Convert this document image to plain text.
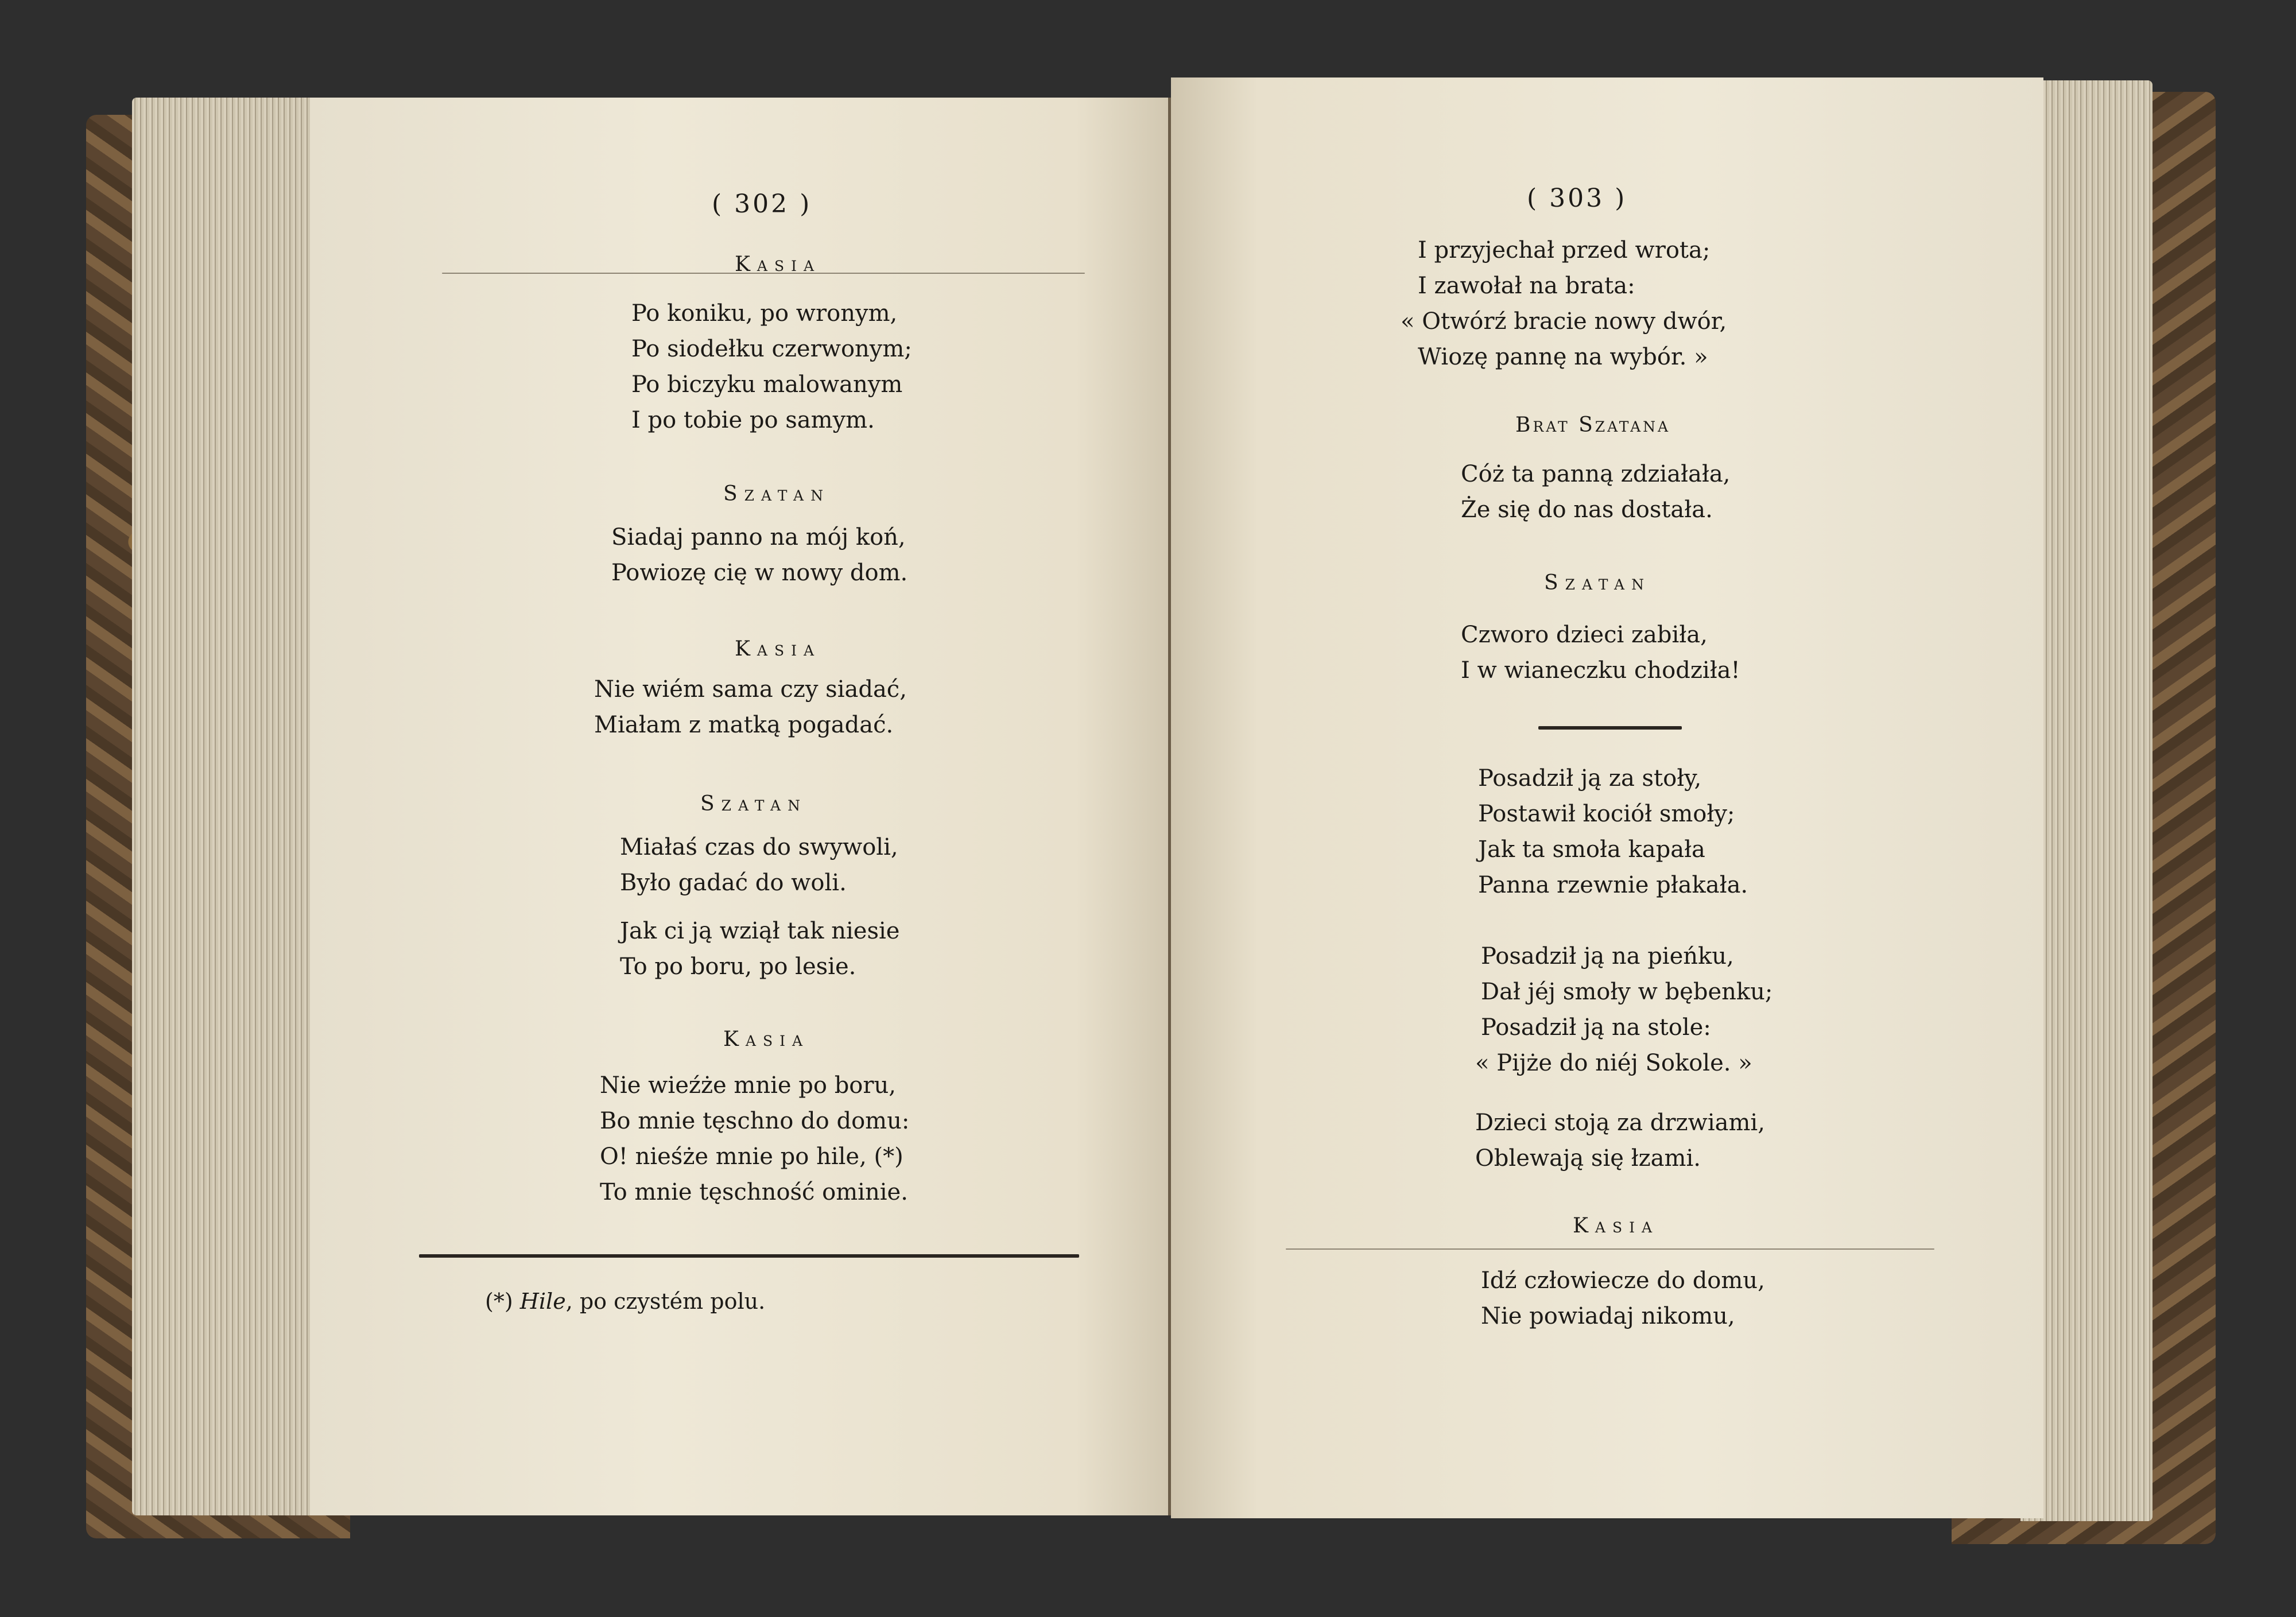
( 302 )
Kasia
Po koniku, po wronym,
Po siodełku czerwonym;
Po biczyku malowanym
I po tobie po samym.
Szatan
Siadaj panno na mój koń,
Powiozę cię w nowy dom.
Kasia
Nie wiém sama czy siadać,
Miałam z matką pogadać.
Szatan
Miałaś czas do swywoli,
Było gadać do woli.
Jak ci ją wziął tak niesie
To po boru, po lesie.
Kasia
Nie wieźże mnie po boru,
Bo mnie tęschno do domu:
O! nieśże mnie po hile, (*)
To mnie tęschność ominie.
(*) Hile, po czystém polu.
( 303 )
I przyjechał przed wrota;
I zawołał na brata:
« Otwórź bracie nowy dwór,
Wiozę pannę na wybór. »
Brat Szatana
Cóż ta panną zdziałała,
Że się do nas dostała.
Szatan
Czworo dzieci zabiła,
I w wianeczku chodziła!
Posadził ją za stoły,
Postawił kociół smoły;
Jak ta smoła kapała
Panna rzewnie płakała.
Posadził ją na pieńku,
Dał jéj smoły w bębenku;
Posadził ją na stole:
« Pijże do niéj Sokole. »
Dzieci stoją za drzwiami,
Oblewają się łzami.
Kasia
Idź człowiecze do domu,
Nie powiadaj nikomu,
